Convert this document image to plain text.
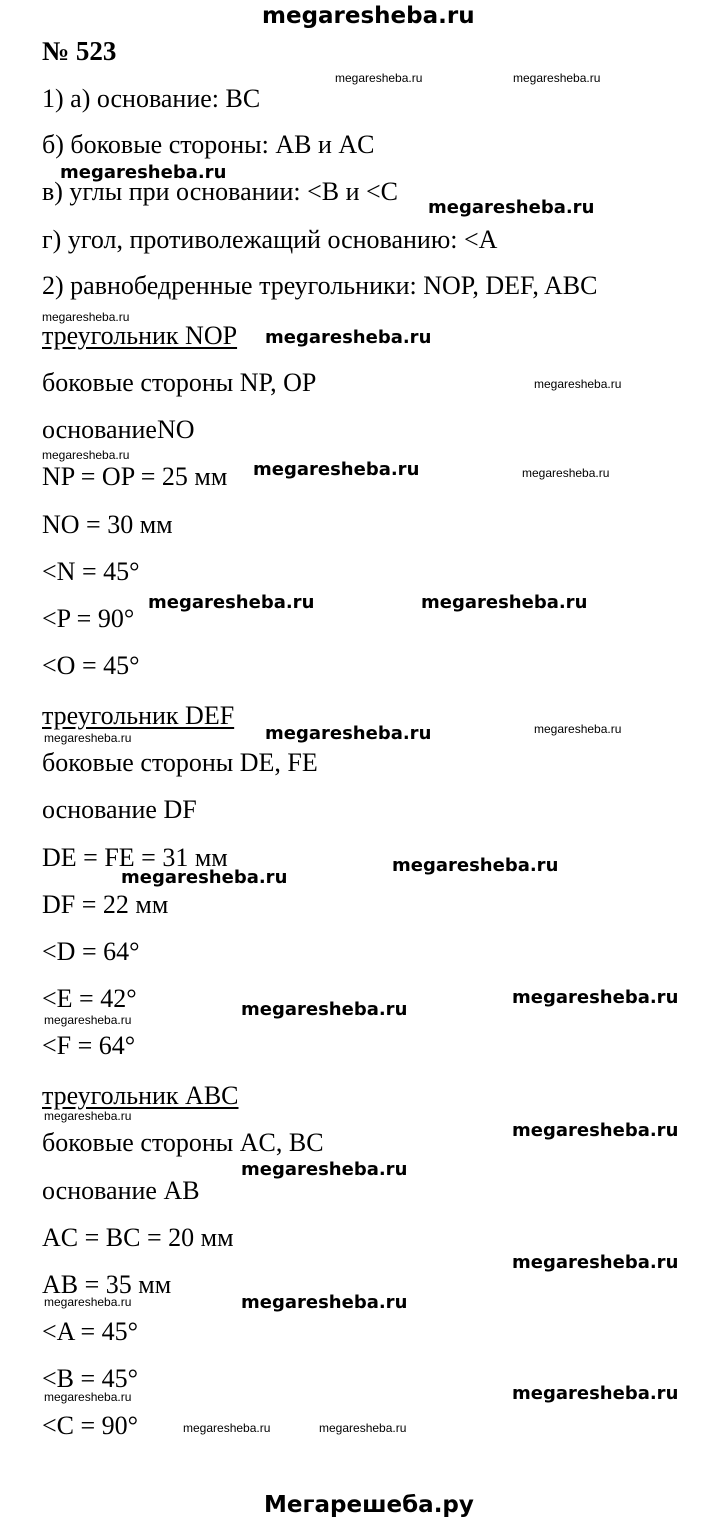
megaresheba.ru
№ 523
1) а) основание: BC
б) боковые стороны: AB и AC
в) углы при основании: <B и <C
г) угол, противолежащий основанию: <A
2) равнобедренные треугольники: NOP, DEF, ABC
треугольник NOP
боковые стороны NP, OP
основаниеNO
NP = OP = 25 мм
NO = 30 мм
<N = 45°
<P = 90°
<O = 45°
треугольник DEF
боковые стороны DE, FE
основание DF
DE = FE = 31 мм
DF = 22 мм
<D = 64°
<E = 42°
<F = 64°
треугольник ABC
боковые стороны AC, BC
основание AB
AC = BC = 20 мм
AB = 35 мм
<A = 45°
<B = 45°
<C = 90°
megaresheba.ru
megaresheba.ru
megaresheba.ru
megaresheba.ru
megaresheba.ru	megaresheba.ru
megaresheba.ru
megaresheba.ru
megaresheba.ru
megaresheba.ru
megaresheba.ru
megaresheba.ru
megaresheba.ru
megaresheba.ru
megaresheba.ru
megaresheba.ru
megaresheba.ru	megaresheba.ru
megaresheba.ru
megaresheba.ru
megaresheba.ru
megaresheba.ru
megaresheba.ru
megaresheba.ru
megaresheba.ru
megaresheba.ru
megaresheba.ru
megaresheba.ru
megaresheba.ru	megaresheba.ru
Мегарешеба.ру
